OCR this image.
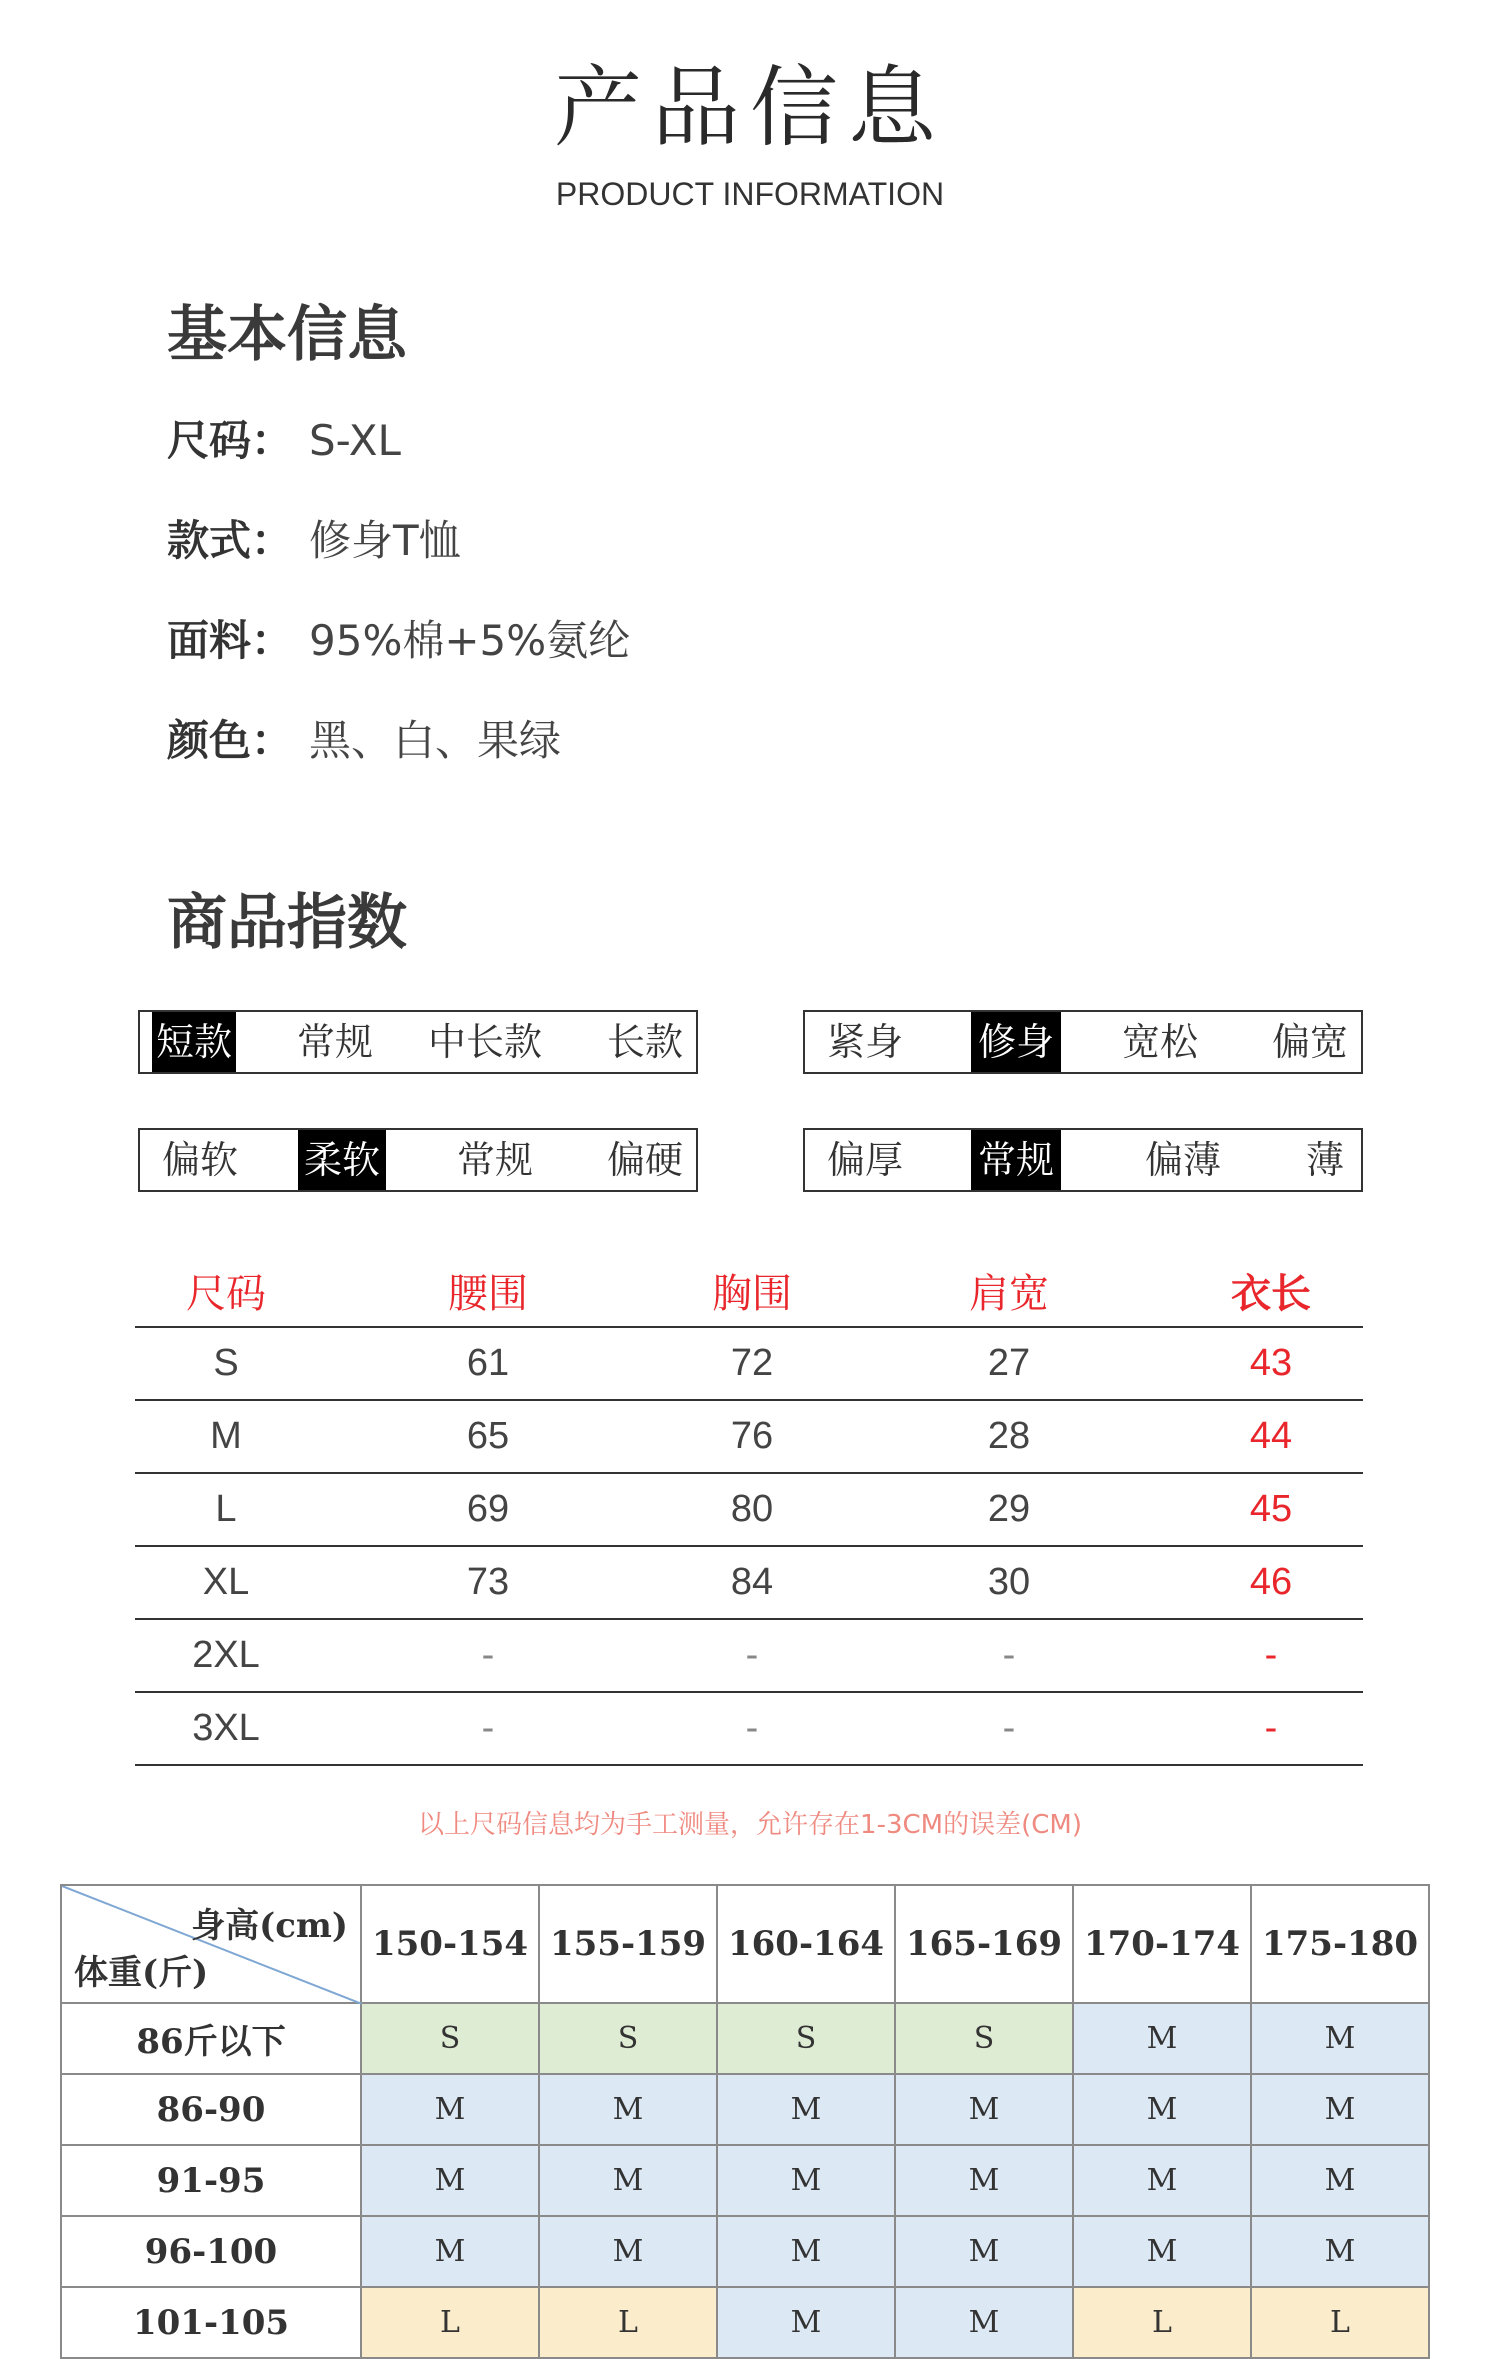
产品信息
PRODUCT INFORMATION
基本信息
尺码： S-XL
款式： 修身T恤
面料： 95%棉+5%氨纶
颜色： 黑、白、果绿
商品指数
短款	常规	中长款	长款	紧身	修身	宽松	偏宽
偏软	柔软	常规	偏硬	偏厚	常规	偏薄	薄
尺码	腰围	胸围	肩宽	衣长
S	61	72	27	43
M	65	76	28	44
L	69	80	29	45
XL	73	84	30	46
2XL	-	-	-	-
3XL	-	-	-	-
以上尺码信息均为手工测量，允许存在1-3CM的误差(CM)
身高(cm)
体重(斤)	150-154	155-159	160-164	165-169	170-174	175-180
86斤以下	S	S	S	S	M	M
86-90	M	M	M	M	M	M
91-95	M	M	M	M	M	M
96-100	M	M	M	M	M	M
101-105	L	L	M	M	L	L
